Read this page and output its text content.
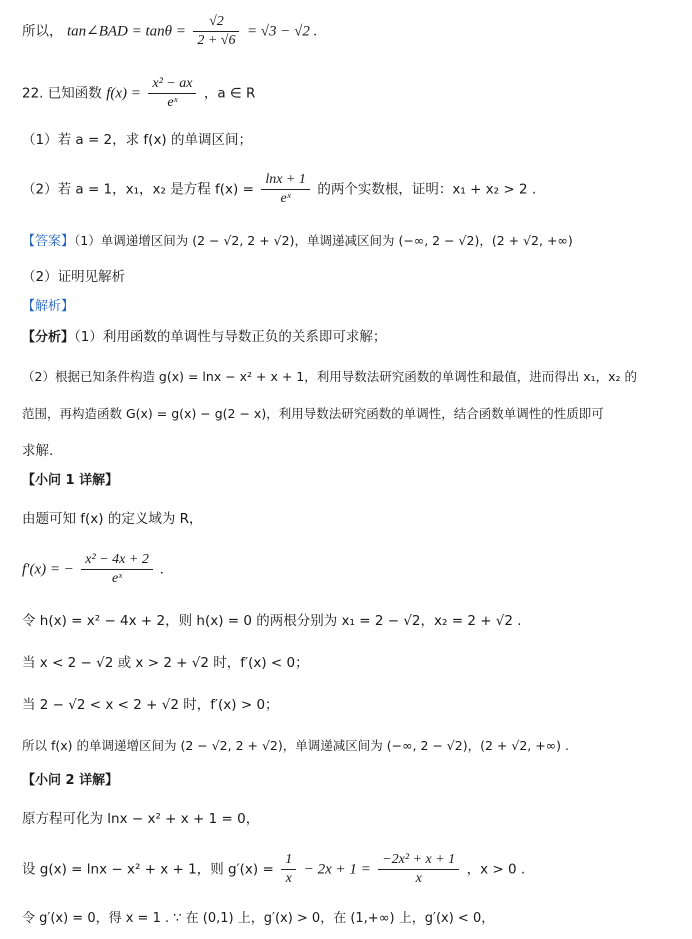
所以， tan∠BAD = $\tan\theta = \frac{√2}{2 + √6} = √3 - √2$ .
22. 已知函数 $f(x) = \frac{\text{x² − ax}}{\text{eˣ}}$ ，a ∈ R
（1）若 a = 2，求 f(x) 的单调区间；
（2）若 a = 1，x₁，x₂ 是方程 $f(x) = \frac{\ln x + 1}{\text{eˣ}}$ 的两个实数根，证明：x₁ + x₂ > 2 .
【答案】（1）单调递增区间为 (2 − √2, 2 + √2)，单调递减区间为 (−∞, 2 − √2)，(2 + √2, +∞)
（2）证明见解析
【解析】
【分析】（1）利用函数的单调性与导数正负的关系即可求解；
（2）根据已知条件构造 g(x) = lnx − x² + x + 1，利用导数法研究函数的单调性和最值，进而得出 x₁，x₂ 的
范围，再构造函数 G(x) = g(x) − g(2 − x)，利用导数法研究函数的单调性，结合函数单调性的性质即可
求解.
【小问 1 详解】
由题可知 f(x) 的定义域为 R，
f′(x) = − $\frac{\text{x² − 4x + 2}}{\text{eˣ}}$ .
令 h(x) = x² − 4x + 2，则 h(x) = 0 的两根分别为 x₁ = 2 − √2，x₂ = 2 + √2 .
当 x < 2 − √2 或 x > 2 + √2 时，f′(x) < 0；
当 2 − √2 < x < 2 + √2 时，f′(x) > 0；
所以 f(x) 的单调递增区间为 (2 − √2, 2 + √2)，单调递减区间为 (−∞, 2 − √2)，(2 + √2, +∞) .
【小问 2 详解】
原方程可化为 lnx − x² + x + 1 = 0，
设 g(x) = lnx − x² + x + 1，则 $g'(x) = \frac{1}{x} - 2x + 1 = \frac{\text{−2x² + x + 1}}{x}$ ，x > 0 .
令 g′(x) = 0，得 x = 1 . ∵ 在 (0,1) 上，g′(x) > 0，在 (1,+∞) 上，g′(x) < 0，
